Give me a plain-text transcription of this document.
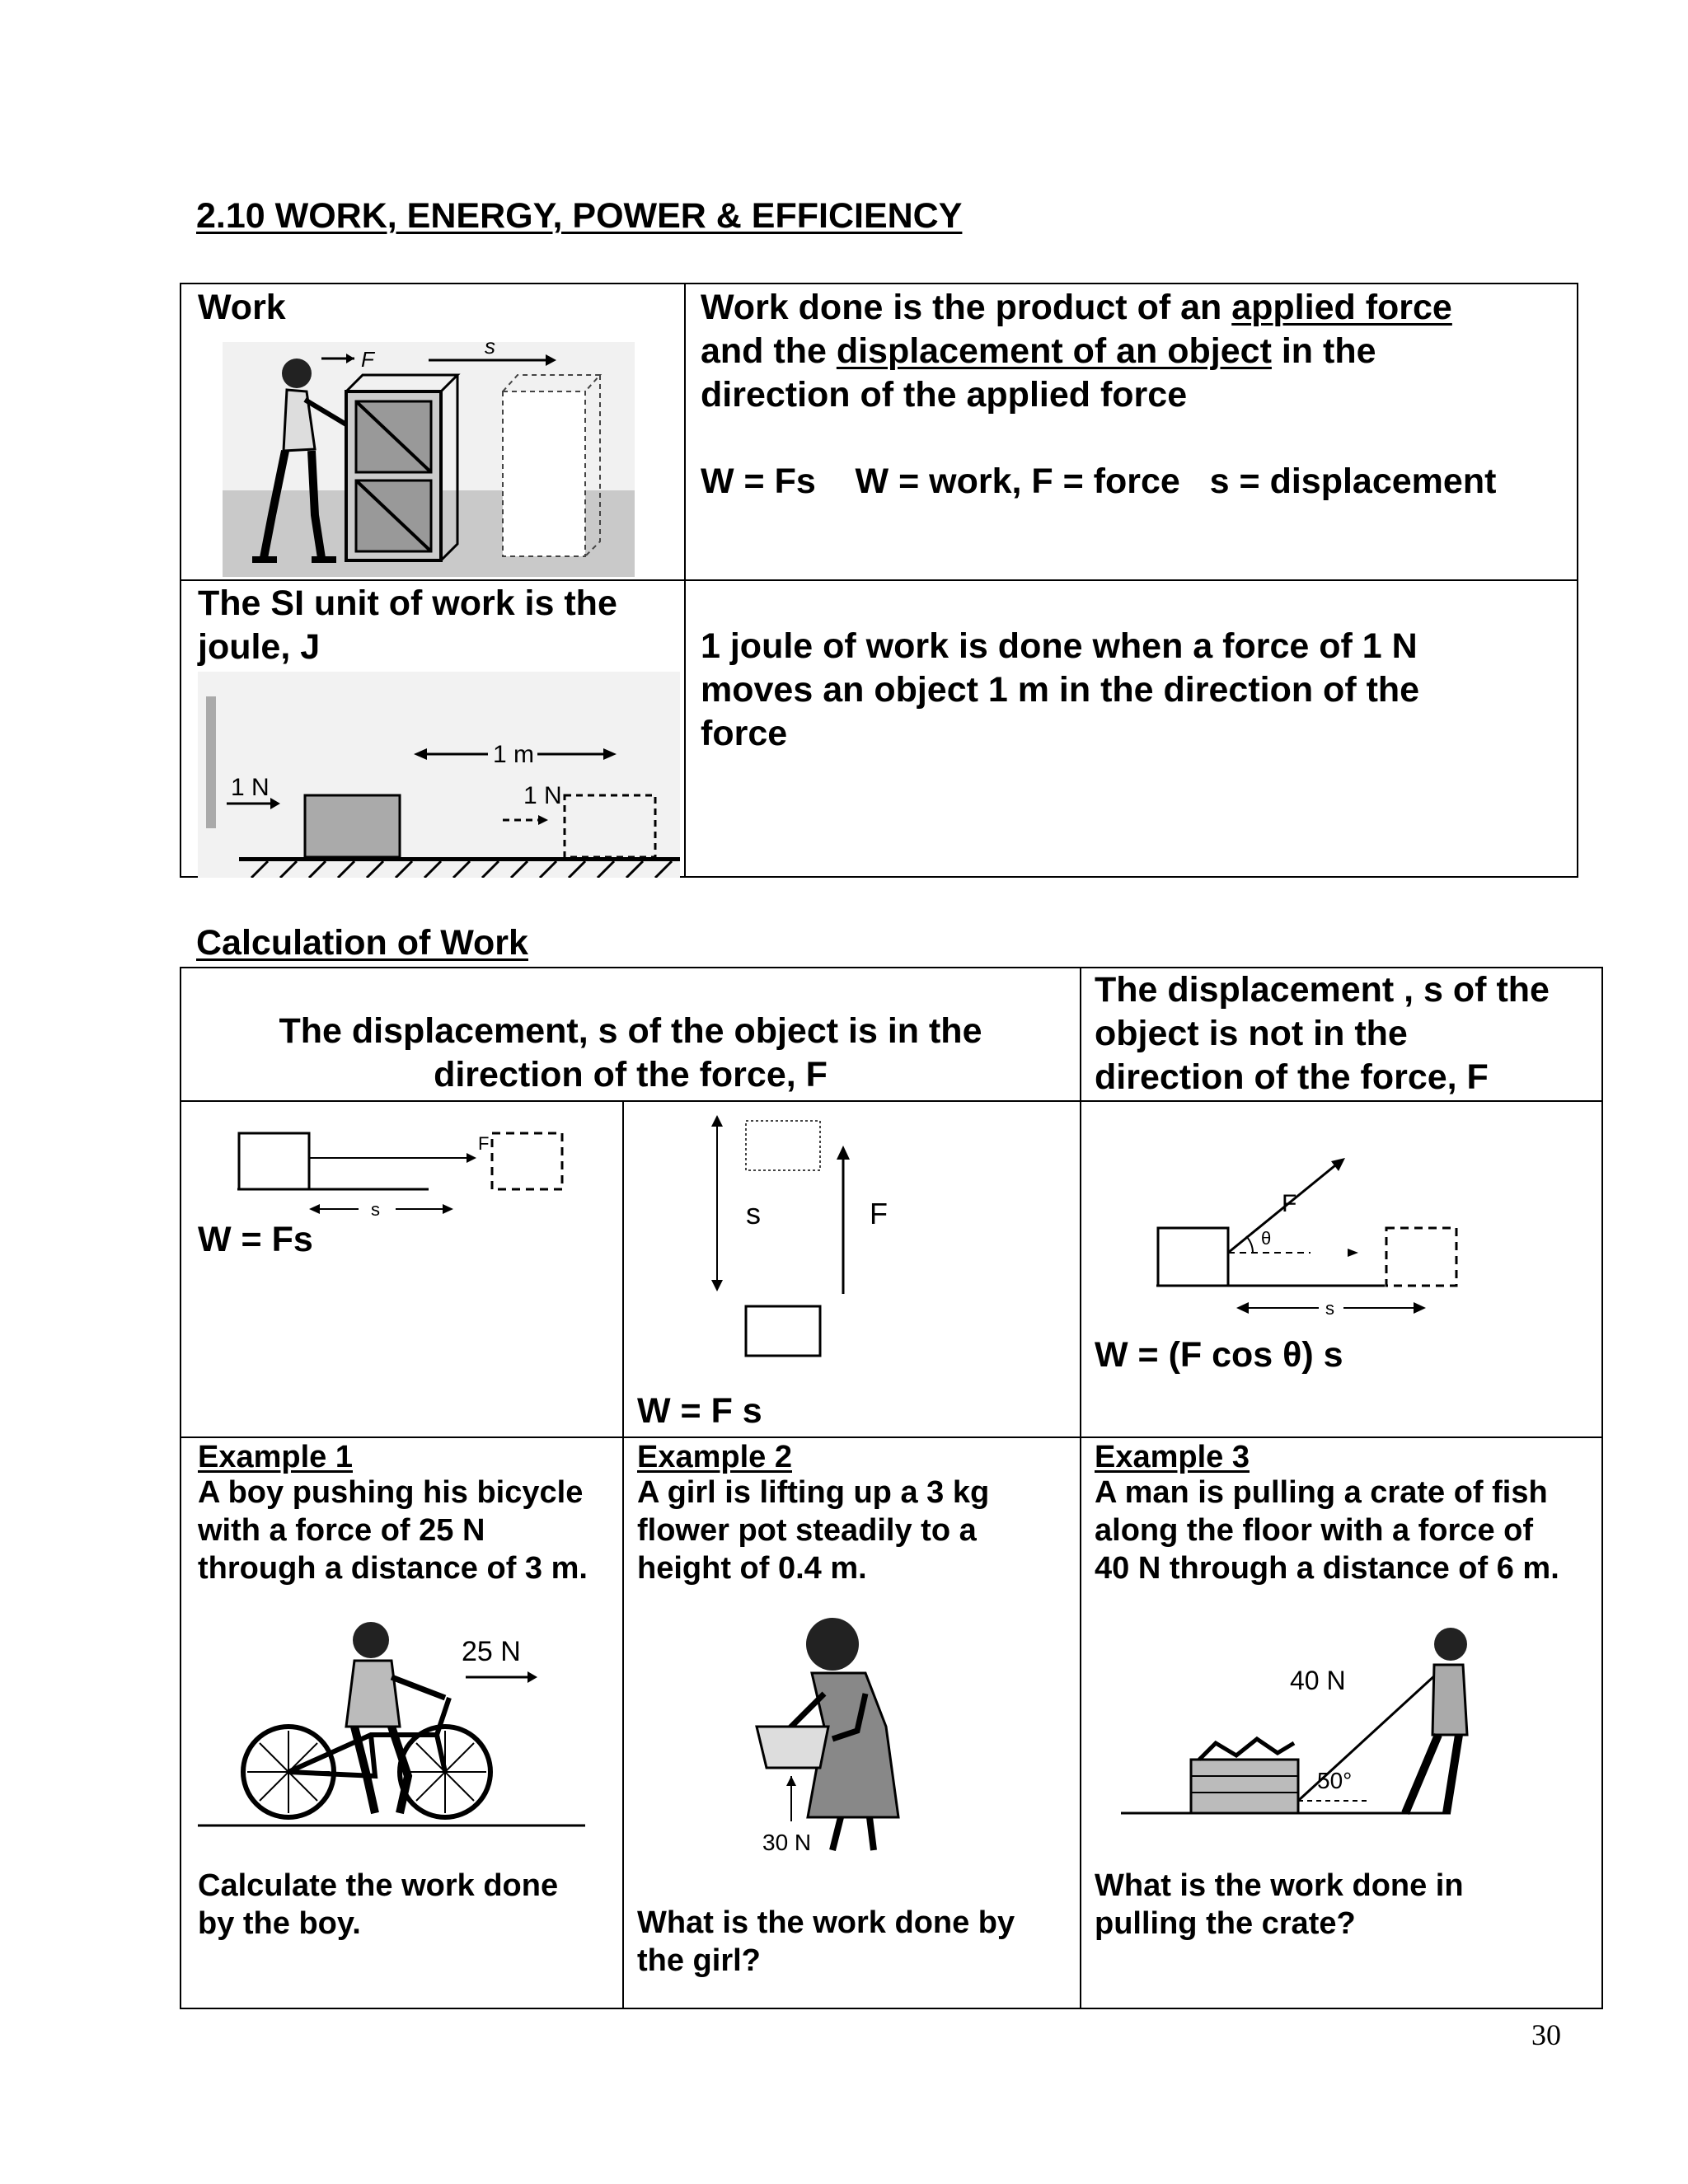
2.10 WORK, ENERGY, POWER & EFFICIENCY
Work
F
s
Work done is the product of an applied force
and the displacement of an object in the
direction of the applied force
W = Fs    W = work, F = force   s = displacement
The SI unit of work is the
joule, J
1 m
1 N	1 N
1 joule of work is done when a force of 1 N
moves an object 1 m in the direction of the
force
Calculation of Work
The displacement, s of the object is in the
direction of the force, F
The displacement , s of the
object is not in the
direction of the force, F
F
s
W = Fs
s	F
W = F s
F
θ
s
W = (F cos θ) s
Example 1
A boy pushing his bicycle
with a force of 25 N
through a distance of 3 m.
25 N
Calculate the work done
by the boy.
Example 2
A girl is lifting up a 3 kg
flower pot steadily to a
height of 0.4 m.
30 N
What is the work done by
the girl?
Example 3
A man is pulling a crate of fish
along the floor with a force of
40 N through a distance of 6 m.
50°
40 N
What is the work done in
pulling the crate?
30
